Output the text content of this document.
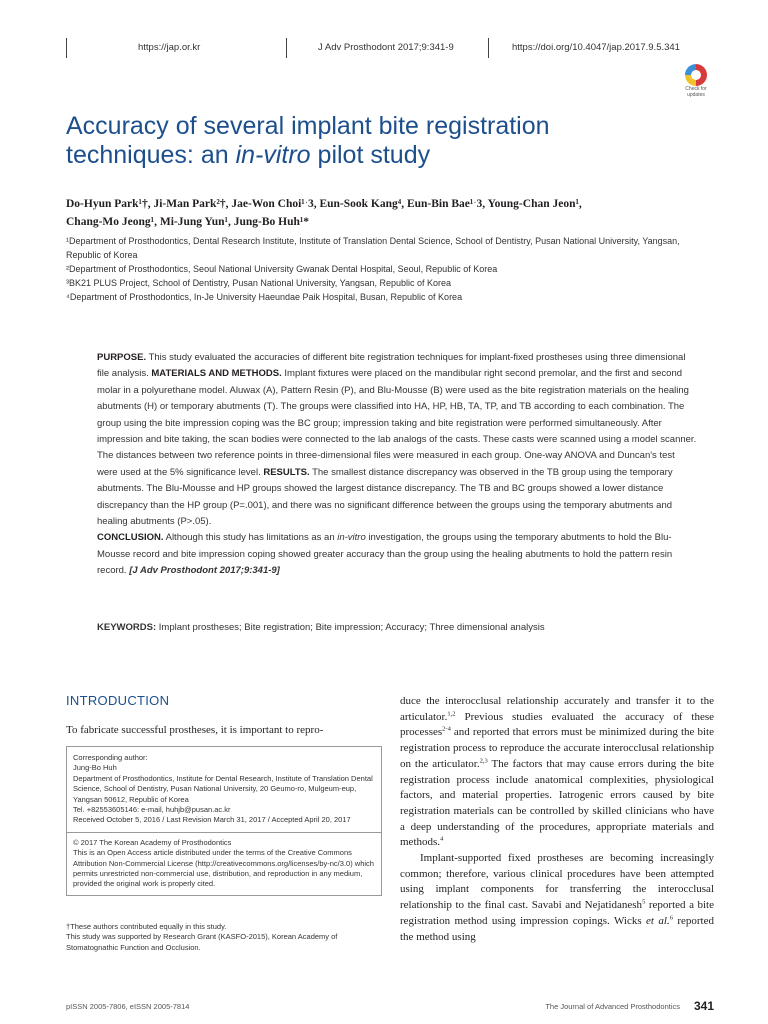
https://jap.or.kr	J Adv Prosthodont 2017;9:341-9	https://doi.org/10.4047/jap.2017.9.5.341
Check for updates
Accuracy of several implant bite registration
techniques: an in-vitro pilot study
Do-Hyun Park¹†, Ji-Man Park²†, Jae-Won Choi¹ˑ3, Eun-Sook Kang⁴, Eun-Bin Bae¹ˑ3, Young-Chan Jeon¹,
Chang-Mo Jeong¹, Mi-Jung Yun¹, Jung-Bo Huh¹*
¹Department of Prosthodontics, Dental Research Institute, Institute of Translation Dental Science, School of Dentistry, Pusan National University, Yangsan, Republic of Korea
²Department of Prosthodontics, Seoul National University Gwanak Dental Hospital, Seoul, Republic of Korea
³BK21 PLUS Project, School of Dentistry, Pusan National University, Yangsan, Republic of Korea
⁴Department of Prosthodontics, In-Je University Haeundae Paik Hospital, Busan, Republic of Korea
PURPOSE. This study evaluated the accuracies of different bite registration techniques for implant-fixed prostheses using three dimensional file analysis. MATERIALS AND METHODS. Implant fixtures were placed on the mandibular right second premolar, and the first and second molar in a polyurethane model. Aluwax (A), Pattern Resin (P), and Blu-Mousse (B) were used as the bite registration materials on the healing abutments (H) or temporary abutments (T). The groups were classified into HA, HP, HB, TA, TP, and TB according to each combination. The group using the bite impression coping was the BC group; impression taking and bite registration were performed simultaneously. After impression and bite taking, the scan bodies were connected to the lab analogs of the casts. These casts were scanned using a model scanner. The distances between two reference points in three-dimensional files were measured in each group. One-way ANOVA and Duncan's test were used at the 5% significance level. RESULTS. The smallest distance discrepancy was observed in the TB group using the temporary abutments. The Blu-Mousse and HP groups showed the largest distance discrepancy. The TB and BC groups showed a lower distance discrepancy than the HP group (P=.001), and there was no significant difference between the groups using the temporary abutments and healing abutments (P>.05).
CONCLUSION. Although this study has limitations as an in-vitro investigation, the groups using the temporary abutments to hold the Blu-Mousse record and bite impression coping showed greater accuracy than the group using the healing abutments to hold the pattern resin record. [J Adv Prosthodont 2017;9:341-9]
KEYWORDS: Implant prostheses; Bite registration; Bite impression; Accuracy; Three dimensional analysis
INTRODUCTION
To fabricate successful prostheses, it is important to repro-
Corresponding author:
Jung-Bo Huh
Department of Prosthodontics, Institute for Dental Research, Institute of Translation Dental Science, School of Dentistry, Pusan National University, 20 Geumo-ro, Mulgeum-eup, Yangsan 50612, Republic of Korea
Tel. +82553605146: e-mail, huhjb@pusan.ac.kr
Received October 5, 2016 / Last Revision March 31, 2017 / Accepted April 20, 2017
© 2017 The Korean Academy of Prosthodontics
This is an Open Access article distributed under the terms of the Creative Commons Attribution Non-Commercial License (http://creativecommons.org/licenses/by-nc/3.0) which permits unrestricted non-commercial use, distribution, and reproduction in any medium, provided the original work is properly cited.
†These authors contributed equally in this study.
This study was supported by Research Grant (KASFO-2015), Korean Academy of Stomatognathic Function and Occlusion.

duce the interocclusal relationship accurately and transfer it to the articulator.$^{1,2}$ Previous studies evaluated the accuracy of these processes$^{2-4}$ and reported that errors must be minimized during the bite registration process to reproduce the accurate interocclusal relationship on the articulator.$^{2,3}$ The factors that may cause errors during the bite registration process include anatomical complexities, physiological factors, and material properties. Iatrogenic errors caused by bite registration materials can be controlled by skilled clinicians who have a deep understanding of the procedures, appropriate materials and methods.$^4$

Implant-supported fixed prostheses are becoming increasingly common; therefore, various clinical procedures have been attempted using implant components for transferring the interocclusal relationship to the final cast. Savabi and Nejatidanesh$^5$ reported a bite registration method using impression copings. Wicks et al.$^6$ reported the method using

pISSN 2005-7806, eISSN 2005-7814	The Journal of Advanced Prosthodontics 341
